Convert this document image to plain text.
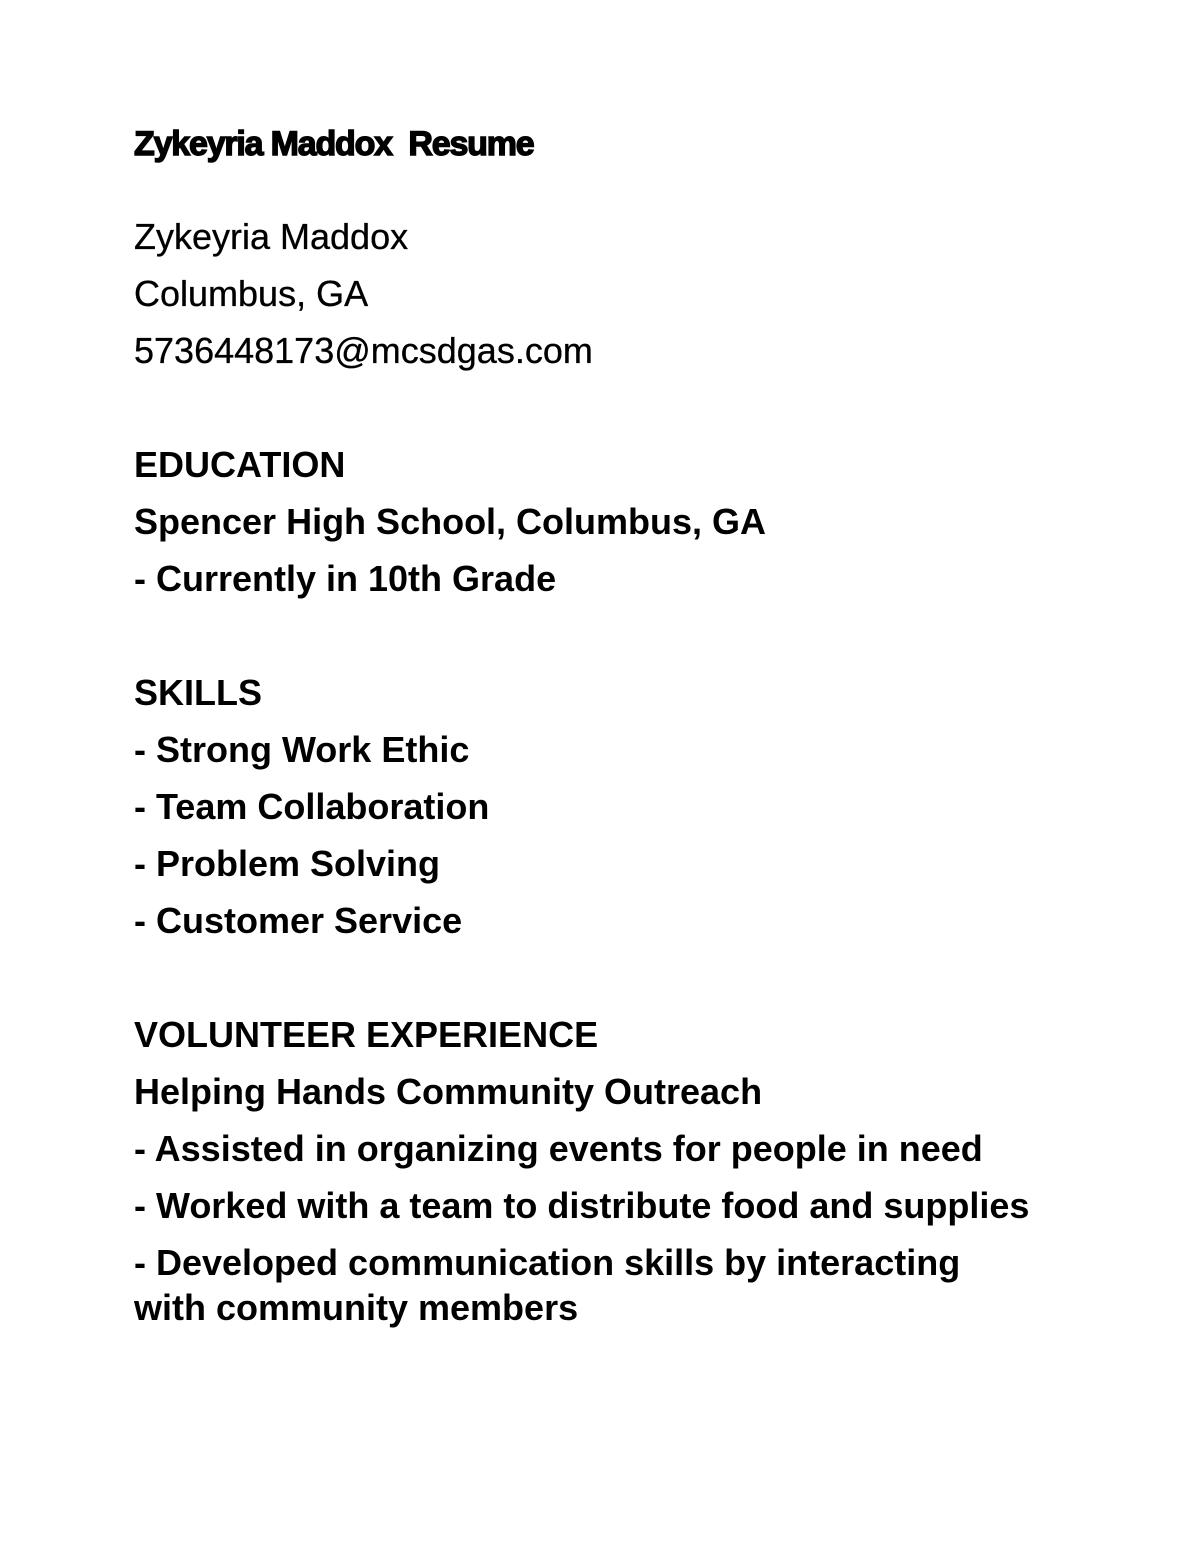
Zykeyria Maddox  Resume

Zykeyria Maddox

Columbus, GA

5736448173@mcsdgas.com

EDUCATION

Spencer High School, Columbus, GA

- Currently in 10th Grade

SKILLS

- Strong Work Ethic

- Team Collaboration

- Problem Solving

- Customer Service

VOLUNTEER EXPERIENCE

Helping Hands Community Outreach

- Assisted in organizing events for people in need

- Worked with a team to distribute food and supplies

- Developed communication skills by interacting with community members
